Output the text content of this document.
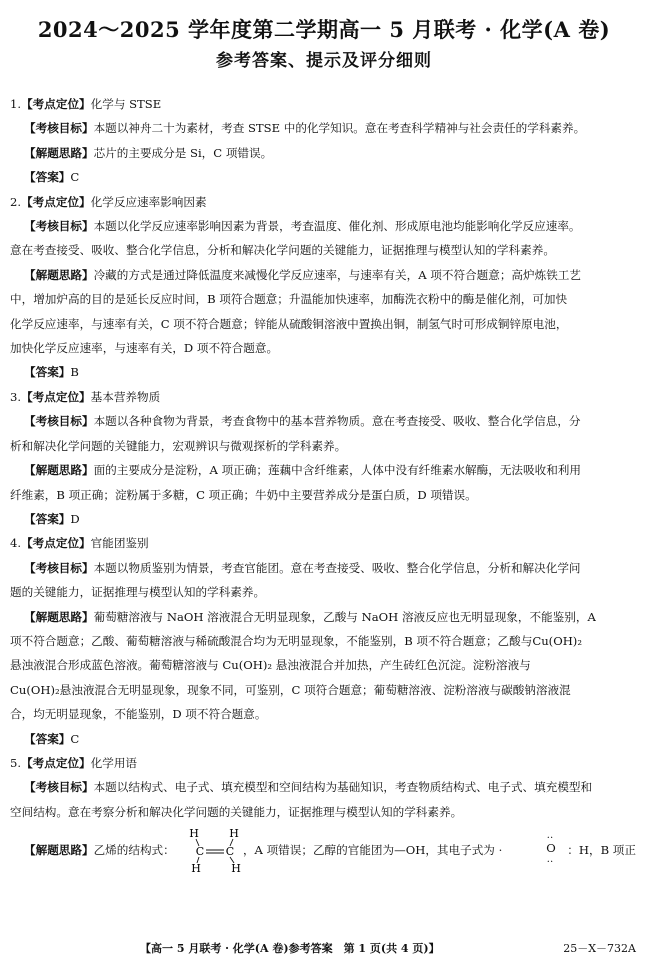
2024～2025 学年度第二学期高一 5 月联考 · 化学(A 卷)
参考答案、提示及评分细则
1.【考点定位】化学与 STSE
【考核目标】本题以神舟二十为素材，考查 STSE 中的化学知识。意在考查科学精神与社会责任的学科素养。
【解题思路】芯片的主要成分是 Si，C 项错误。
【答案】C
2.【考点定位】化学反应速率影响因素
【考核目标】本题以化学反应速率影响因素为背景，考查温度、催化剂、形成原电池均能影响化学反应速率。
意在考查接受、吸收、整合化学信息，分析和解决化学问题的关键能力，证据推理与模型认知的学科素养。
【解题思路】冷藏的方式是通过降低温度来减慢化学反应速率，与速率有关，A 项不符合题意；高炉炼铁工艺
中，增加炉高的目的是延长反应时间，B 项符合题意；升温能加快速率，加酶洗衣粉中的酶是催化剂，可加快
化学反应速率，与速率有关，C 项不符合题意；锌能从硫酸铜溶液中置换出铜，制氢气时可形成铜锌原电池，
加快化学反应速率，与速率有关，D 项不符合题意。
【答案】B
3.【考点定位】基本营养物质
【考核目标】本题以各种食物为背景，考查食物中的基本营养物质。意在考查接受、吸收、整合化学信息，分
析和解决化学问题的关键能力，宏观辨识与微观探析的学科素养。
【解题思路】面的主要成分是淀粉，A 项正确；莲藕中含纤维素，人体中没有纤维素水解酶，无法吸收和利用
纤维素，B 项正确；淀粉属于多糖，C 项正确；牛奶中主要营养成分是蛋白质，D 项错误。
【答案】D
4.【考点定位】官能团鉴别
【考核目标】本题以物质鉴别为情景，考查官能团。意在考查接受、吸收、整合化学信息，分析和解决化学问
题的关键能力，证据推理与模型认知的学科素养。
【解题思路】葡萄糖溶液与 NaOH 溶液混合无明显现象，乙酸与 NaOH 溶液反应也无明显现象，不能鉴别，A
项不符合题意；乙酸、葡萄糖溶液与稀硫酸混合均为无明显现象，不能鉴别，B 项不符合题意；乙酸与Cu(OH)₂
悬浊液混合形成蓝色溶液。葡萄糖溶液与 Cu(OH)₂ 悬浊液混合并加热，产生砖红色沉淀。淀粉溶液与
Cu(OH)₂悬浊液混合无明显现象，现象不同，可鉴别，C 项符合题意；葡萄糖溶液、淀粉溶液与碳酸钠溶液混
合，均无明显现象，不能鉴别，D 项不符合题意。
【答案】C
5.【考点定位】化学用语
【考核目标】本题以结构式、电子式、填充模型和空间结构为基础知识，考查物质结构式、电子式、填充模型和
空间结构。意在考察分析和解决化学问题的关键能力，证据推理与模型认知的学科素养。
【解题思路】乙烯的结构式：	，A 项错误；乙醇的官能团为—OH，其电子式为 ·
H	H
H	H
C C
‥
O
‥
：H，B 项正
【高一 5 月联考 · 化学(A 卷)参考答案　第 1 页(共 4 页)】	25－X－732A
